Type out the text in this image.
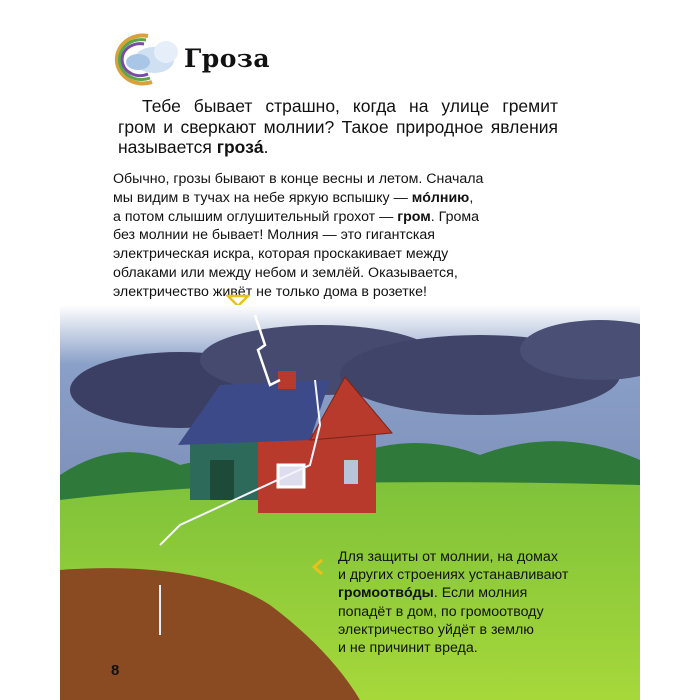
Гроза
Тебе бывает страшно, когда на улице гремит
гром и сверкают молнии? Такое природное явления
называется грозá.
Обычно, грозы бывают в конце весны и летом. Сначала
мы видим в тучах на небе яркую вспышку — мóлнию,
а потом слышим оглушительный грохот — гром. Грома
без молнии не бывает! Молния — это гигантская
электрическая искра, которая проскакивает между
облаками или между небом и землёй. Оказывается,
электричество живёт не только дома в розетке!
Для защиты от молнии, на домах
и других строениях устанавливают
громоотвóды. Если молния
попадёт в дом, по громоотводу
электричество уйдёт в землю
и не причинит вреда.
8
